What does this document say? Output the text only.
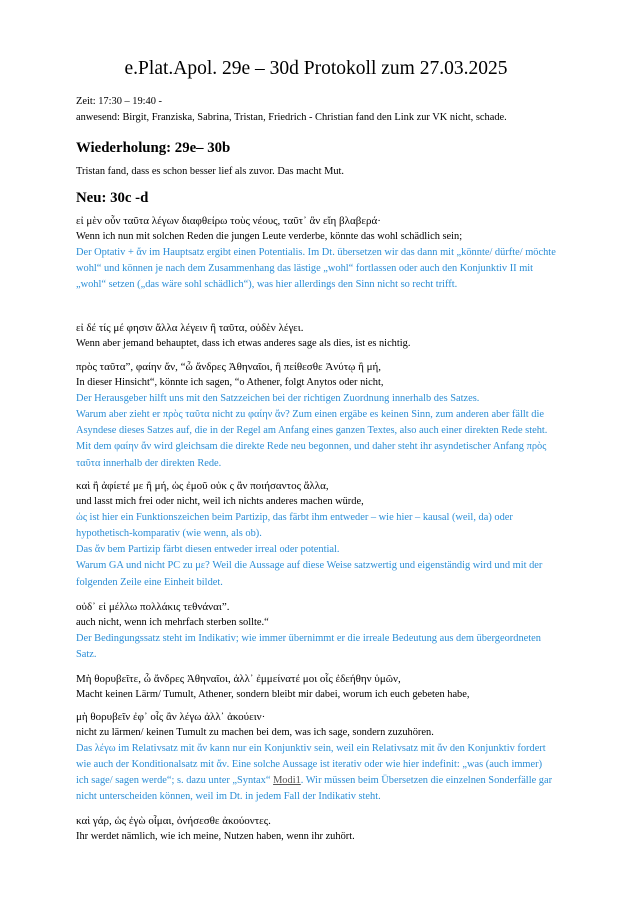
e.Plat.Apol. 29e – 30d Protokoll zum 27.03.2025
Zeit: 17:30 – 19:40 -
anwesend: Birgit, Franziska, Sabrina, Tristan, Friedrich - Christian fand den Link zur VK nicht, schade.
Wiederholung: 29e– 30b
Tristan fand, dass es schon besser lief als zuvor. Das macht Mut.
Neu: 30c -d
εἰ μὲν οὖν ταῦτα λέγων διαφθείρω τοὺς νέους, ταῦτ᾽ ἂν εἴη βλαβερά·
Wenn ich nun mit solchen Reden die jungen Leute verderbe, könnte das wohl schädlich sein;
Der Optativ + ἄν im Hauptsatz ergibt einen Potentialis. Im Dt. übersetzen wir das dann mit „könnte/ dürfte/ möchte wohl“ und können je nach dem Zusammenhang das lästige „wohl“ fortlassen oder auch den Konjunktiv II mit „wohl“ setzen („das wäre sohl schädlich“), was hier allerdings den Sinn nicht so recht trifft.
εἰ δέ τίς μέ φησιν ἄλλα λέγειν ἢ ταῦτα, οὐδὲν λέγει.
Wenn aber jemand behauptet, dass ich etwas anderes sage als dies, ist es nichtig.
πρὸς ταῦτα”, φαίην ἄν, “ὦ ἄνδρες Ἀθηναῖοι, ἢ πείθεσθε Ἀνύτῳ ἢ μή,
In dieser Hinsicht“, könnte ich sagen, “o Athener, folgt Anytos oder nicht,
Der Herausgeber hilft uns mit den Satzzeichen bei der richtigen Zuordnung innerhalb des Satzes.
Warum aber zieht er πρὸς ταῦτα nicht zu φαίην ἄν? Zum einen ergäbe es keinen Sinn, zum anderen aber fällt die Asyndese dieses Satzes auf, die in der Regel am Anfang eines ganzen Textes, also auch einer direkten Rede steht. Mit dem φαίην ἄν wird gleichsam die direkte Rede neu begonnen, und daher steht ihr asyndetischer Anfang πρὸς ταῦτα innerhalb der direkten Rede.
καὶ ἢ ἀφίετέ με ἢ μή, ὡς ἐμοῦ οὐκ ς ἂν ποιήσαντος ἄλλα,
und lasst mich frei oder nicht, weil ich nichts anderes machen würde,
ὡς ist hier ein Funktionszeichen beim Partizip, das färbt ihm entweder – wie hier – kausal (weil, da) oder hypothetisch-komparativ (wie wenn, als ob).
Das ἄν bem Partizip färbt diesen entweder irreal oder potential.
Warum GA und nicht PC zu με? Weil die Aussage auf diese Weise satzwertig und eigenständig wird und mit der folgenden Zeile eine Einheit bildet.
οὐδ᾽ εἰ μέλλω πολλάκις τεθνάναι”.
auch nicht, wenn ich mehrfach sterben sollte.“
Der Bedingungssatz steht im Indikativ; wie immer übernimmt er die irreale Bedeutung aus dem übergeordneten Satz.
Μὴ θορυβεῖτε, ὦ ἄνδρες Ἀθηναῖοι, ἀλλ᾽ ἐμμείνατέ μοι οἷς ἐδεήθην ὑμῶν,
Macht keinen Lärm/ Tumult, Athener, sondern bleibt mir dabei, worum ich euch gebeten habe,
μὴ θορυβεῖν ἐφ᾽ οἷς ἂν λέγω ἀλλ᾽ ἀκούειν·
nicht zu lärmen/ keinen Tumult zu machen bei dem, was ich sage, sondern zuzuhören.
Das λέγω im Relativsatz mit ἄν kann nur ein Konjunktiv sein, weil ein Relativsatz mit ἄν den Konjunktiv fordert wie auch der Konditionalsatz mit ἄν. Eine solche Aussage ist iterativ oder wie hier indefinit: „was (auch immer) ich sage/ sagen werde“; s. dazu unter „Syntax“ Modi1. Wir müssen beim Übersetzen die einzelnen Sonderfälle gar nicht unterscheiden können, weil im Dt. in jedem Fall der Indikativ steht.
καὶ γάρ, ὡς ἐγὼ οἶμαι, ὀνήσεσθε ἀκούοντες.
Ihr werdet nämlich, wie ich meine, Nutzen haben, wenn ihr zuhört.
